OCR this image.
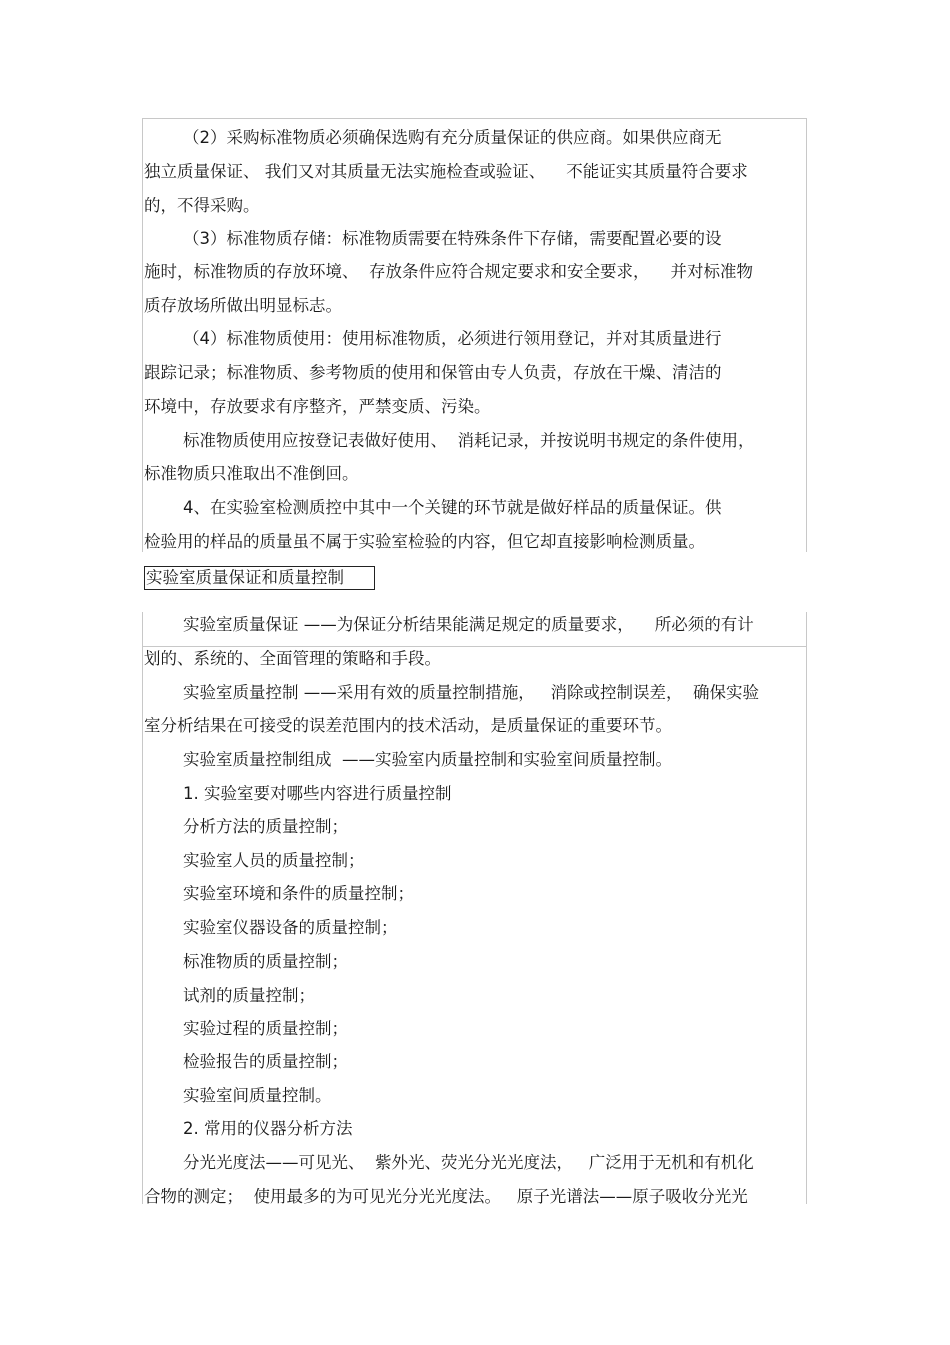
（2）采购标准物质必须确保选购有充分质量保证的供应商。如果供应商无
独立质量保证、 我们又对其质量无法实施检查或验证、    不能证实其质量符合要求
的，不得采购。
（3）标准物质存储：标准物质需要在特殊条件下存储，需要配置必要的设
施时，标准物质的存放环境、  存放条件应符合规定要求和安全要求，    并对标准物
质存放场所做出明显标志。
（4）标准物质使用：使用标准物质，必须进行领用登记，并对其质量进行
跟踪记录；标准物质、参考物质的使用和保管由专人负责，存放在干燥、清洁的
环境中，存放要求有序整齐，严禁变质、污染。
标准物质使用应按登记表做好使用、  消耗记录，并按说明书规定的条件使用，
标准物质只准取出不准倒回。
4、在实验室检测质控中其中一个关键的环节就是做好样品的质量保证。供
检验用的样品的质量虽不属于实验室检验的内容，但它却直接影响检测质量。
实验室质量保证和质量控制
实验室质量保证 ——为保证分析结果能满足规定的质量要求，    所必须的有计
划的、系统的、全面管理的策略和手段。
实验室质量控制 ——采用有效的质量控制措施，   消除或控制误差，  确保实验
室分析结果在可接受的误差范围内的技术活动，是质量保证的重要环节。
实验室质量控制组成  ——实验室内质量控制和实验室间质量控制。
1. 实验室要对哪些内容进行质量控制
分析方法的质量控制；
实验室人员的质量控制；
实验室环境和条件的质量控制；
实验室仪器设备的质量控制；
标准物质的质量控制；
试剂的质量控制；
实验过程的质量控制；
检验报告的质量控制；
实验室间质量控制。
2. 常用的仪器分析方法
分光光度法——可见光、  紫外光、荧光分光光度法，   广泛用于无机和有机化
合物的测定；  使用最多的为可见光分光光度法。   原子光谱法——原子吸收分光光
